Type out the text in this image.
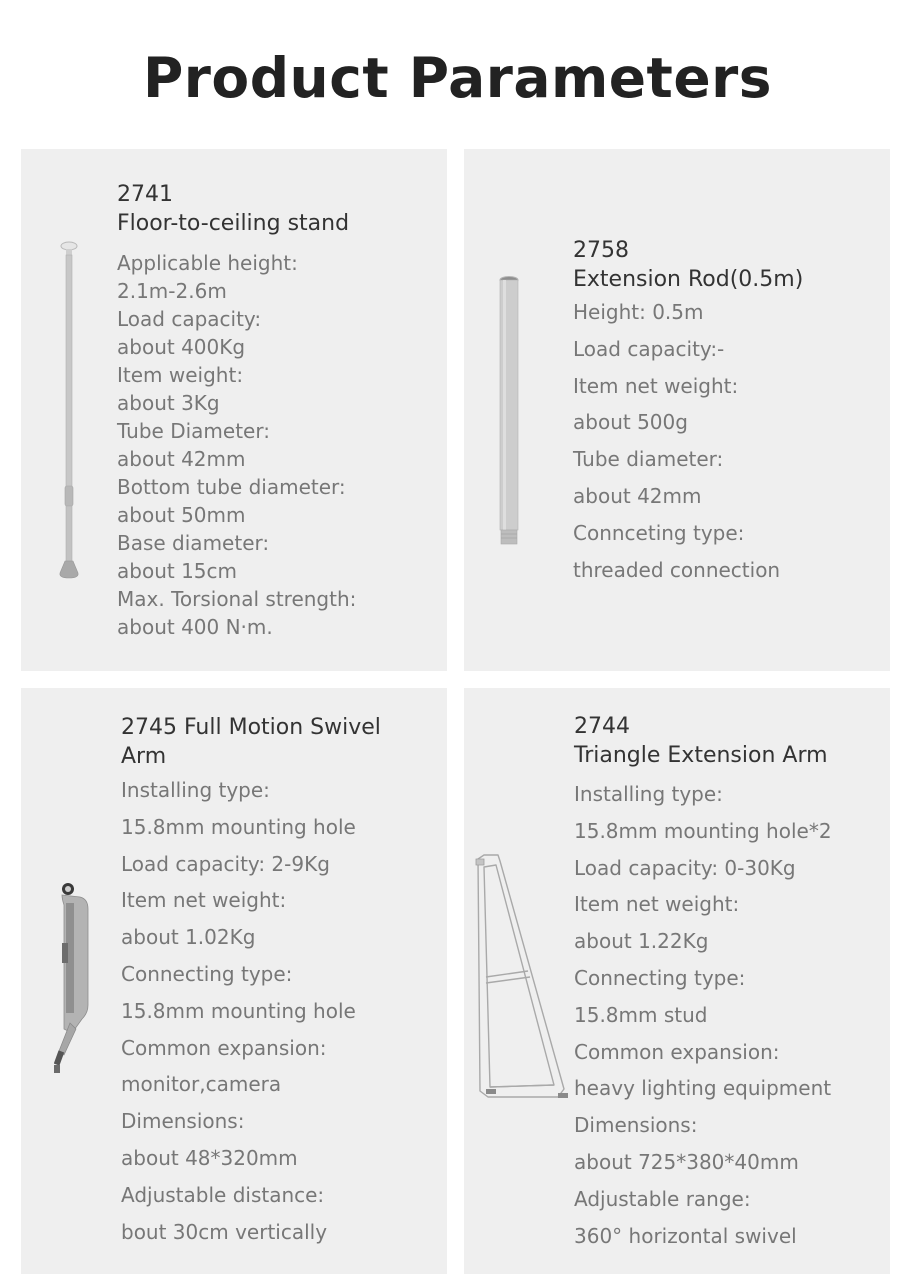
Product Parameters
2741
Floor-to-ceiling stand
Applicable height:
2.1m-2.6m
Load capacity:
about 400Kg
Item weight:
about 3Kg
Tube Diameter:
about 42mm
Bottom tube diameter:
about 50mm
Base diameter:
about 15cm
Max. Torsional strength:
about 400 N·m.
2758
Extension Rod(0.5m)
Height: 0.5m
Load capacity:-
Item net weight:
about 500g
Tube diameter:
about 42mm
Connceting type:
threaded connection
2745 Full Motion Swivel Arm
Installing type:
15.8mm mounting hole
Load capacity: 2-9Kg
Item net weight:
about 1.02Kg
Connecting type:
15.8mm mounting hole
Common expansion:
monitor,camera
Dimensions:
about 48*320mm
Adjustable distance:
bout 30cm vertically
2744
Triangle Extension Arm
Installing type:
15.8mm mounting hole*2
Load capacity: 0-30Kg
Item net weight:
about 1.22Kg
Connecting type:
15.8mm stud
Common expansion:
heavy lighting equipment
Dimensions:
about 725*380*40mm
Adjustable range:
360° horizontal swivel
